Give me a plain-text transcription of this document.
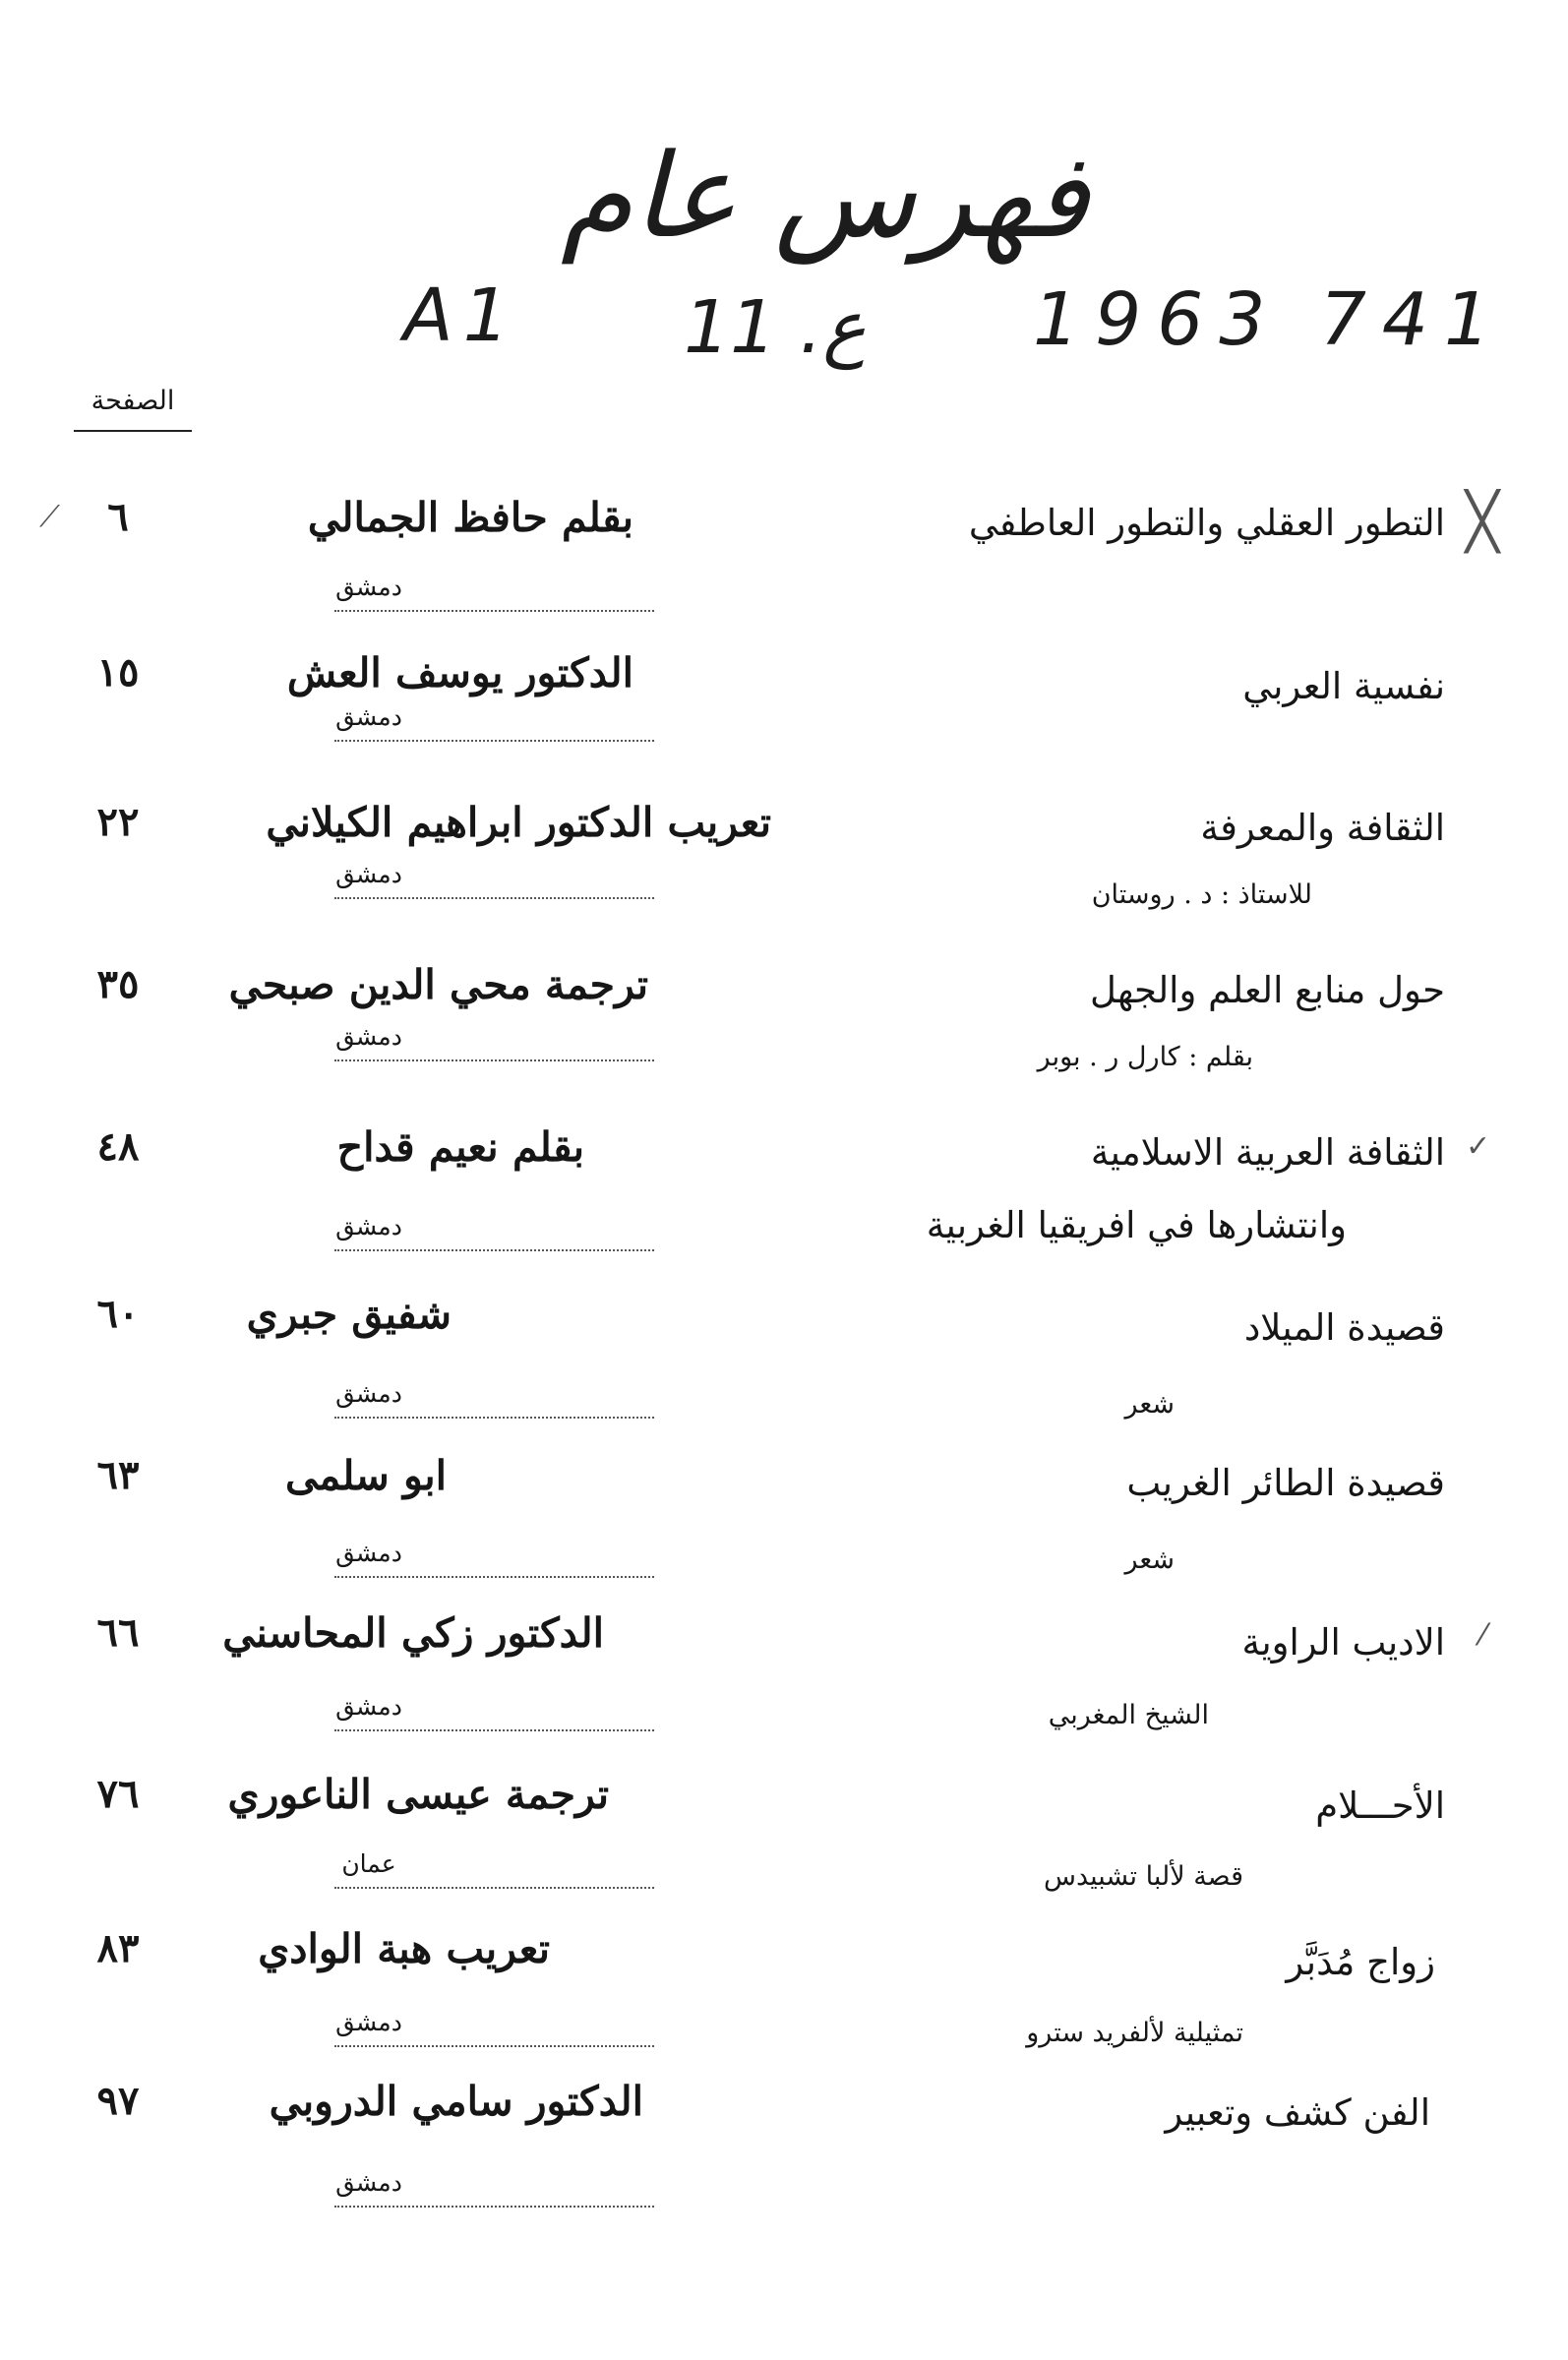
فهرس عام
A1 11 .ع 1963 741
الصفحة
╳
⟋
✓
⁄
التطور العقلي والتطور العاطفي
بقلم حافظ الجمالي
٦
دمشق
نفسية العربي
الدكتور يوسف العش
١٥
دمشق
الثقافة والمعرفة
للاستاذ : د . روستان
تعريب الدكتور ابراهيم الكيلاني
٢٢
دمشق
حول منابع العلم والجهل
بقلم : كارل ر . بوبر
ترجمة محي الدين صبحي
٣٥
دمشق
الثقافة العربية الاسلامية
وانتشارها في افريقيا الغربية
بقلم نعيم قداح
٤٨
دمشق
قصيدة الميلاد
شعر
شفيق جبري
٦٠
دمشق
قصيدة الطائر الغريب
شعر
ابو سلمى
٦٣
دمشق
الاديب الراوية
الشيخ المغربي
الدكتور زكي المحاسني
٦٦
دمشق
الأحـــلام
قصة لألبا تشبيدس
ترجمة عيسى الناعوري
٧٦
عمان
زواج مُدَبَّر
تمثيلية لألفريد سترو
تعريب هبة الوادي
٨٣
دمشق
الفن كشف وتعبير
الدكتور سامي الدروبي
٩٧
دمشق
